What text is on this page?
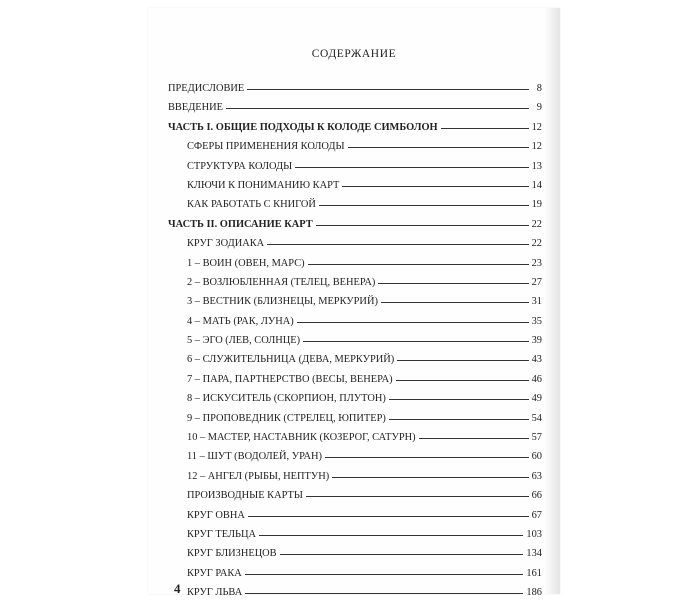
СОДЕРЖАНИЕ
ПРЕДИСЛОВИЕ	8
ВВЕДЕНИЕ	9
ЧАСТЬ I. ОБЩИЕ ПОДХОДЫ К КОЛОДЕ СИМБОЛОН	12
СФЕРЫ ПРИМЕНЕНИЯ КОЛОДЫ	12
СТРУКТУРА КОЛОДЫ	13
КЛЮЧИ К ПОНИМАНИЮ КАРТ	14
КАК РАБОТАТЬ С КНИГОЙ	19
ЧАСТЬ II. ОПИСАНИЕ КАРТ	22
КРУГ ЗОДИАКА	22
1 – ВОИН (ОВЕН, МАРС)	23
2 – ВОЗЛЮБЛЕННАЯ (ТЕЛЕЦ, ВЕНЕРА)	27
3 – ВЕСТНИК (БЛИЗНЕЦЫ, МЕРКУРИЙ)	31
4 – МАТЬ (РАК, ЛУНА)	35
5 – ЭГО (ЛЕВ, СОЛНЦЕ)	39
6 – СЛУЖИТЕЛЬНИЦА (ДЕВА, МЕРКУРИЙ)	43
7 – ПАРА, ПАРТНЕРСТВО (ВЕСЫ, ВЕНЕРА)	46
8 – ИСКУСИТЕЛЬ (СКОРПИОН, ПЛУТОН)	49
9 – ПРОПОВЕДНИК (СТРЕЛЕЦ, ЮПИТЕР)	54
10 – МАСТЕР, НАСТАВНИК (КОЗЕРОГ, САТУРН)	57
11 – ШУТ (ВОДОЛЕЙ, УРАН)	60
12 – АНГЕЛ (РЫБЫ, НЕПТУН)	63
ПРОИЗВОДНЫЕ КАРТЫ	66
КРУГ ОВНА	67
КРУГ ТЕЛЬЦА	103
КРУГ БЛИЗНЕЦОВ	134
КРУГ РАКА	161
КРУГ ЛЬВА	186

4
